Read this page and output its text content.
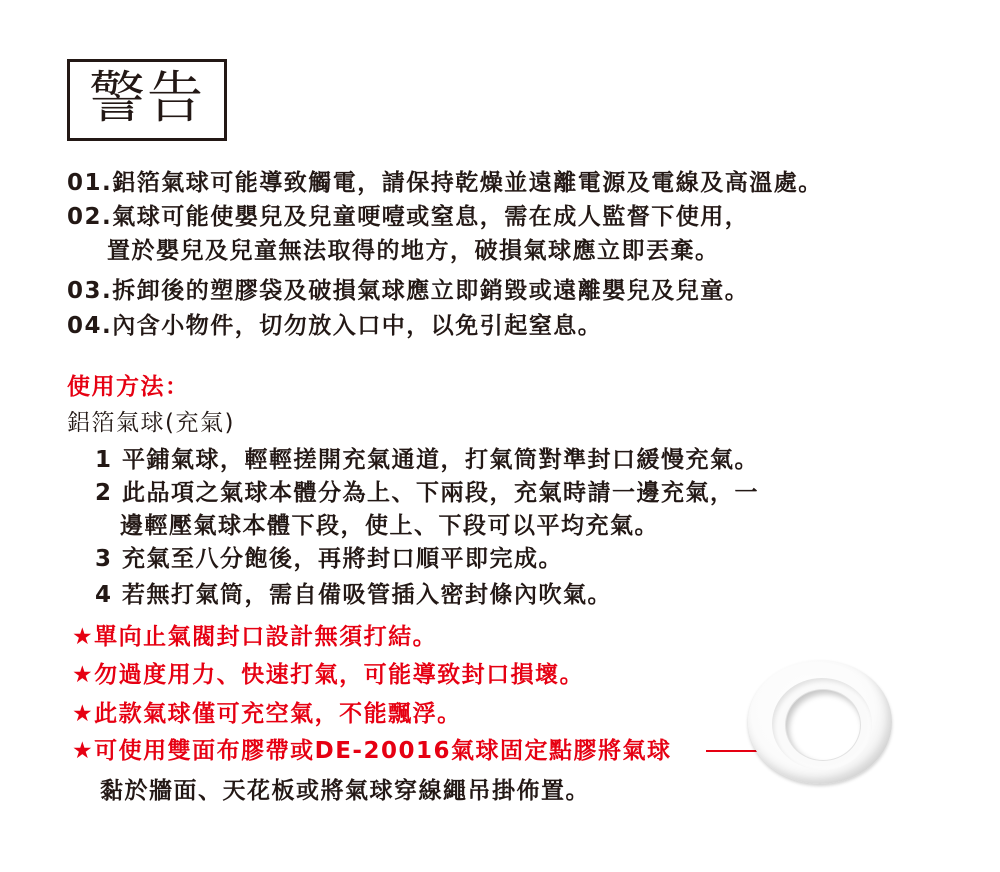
警告
01.鋁箔氣球可能導致觸電，請保持乾燥並遠離電源及電線及高溫處。
02.氣球可能使嬰兒及兒童哽噎或窒息，需在成人監督下使用，
置於嬰兒及兒童無法取得的地方，破損氣球應立即丟棄。
03.拆卸後的塑膠袋及破損氣球應立即銷毀或遠離嬰兒及兒童。
04.內含小物件，切勿放入口中，以免引起窒息。
使用方法：
鋁箔氣球(充氣)
1 平鋪氣球，輕輕搓開充氣通道，打氣筒對準封口緩慢充氣。
2 此品項之氣球本體分為上、下兩段，充氣時請一邊充氣，一
邊輕壓氣球本體下段，使上、下段可以平均充氣。
3 充氣至八分飽後，再將封口順平即完成。
4 若無打氣筒，需自備吸管插入密封條內吹氣。
★單向止氣閥封口設計無須打結。
★勿過度用力、快速打氣，可能導致封口損壞。
★此款氣球僅可充空氣，不能飄浮。
★可使用雙面布膠帶或DE-20016氣球固定點膠將氣球
黏於牆面、天花板或將氣球穿線繩吊掛佈置。
